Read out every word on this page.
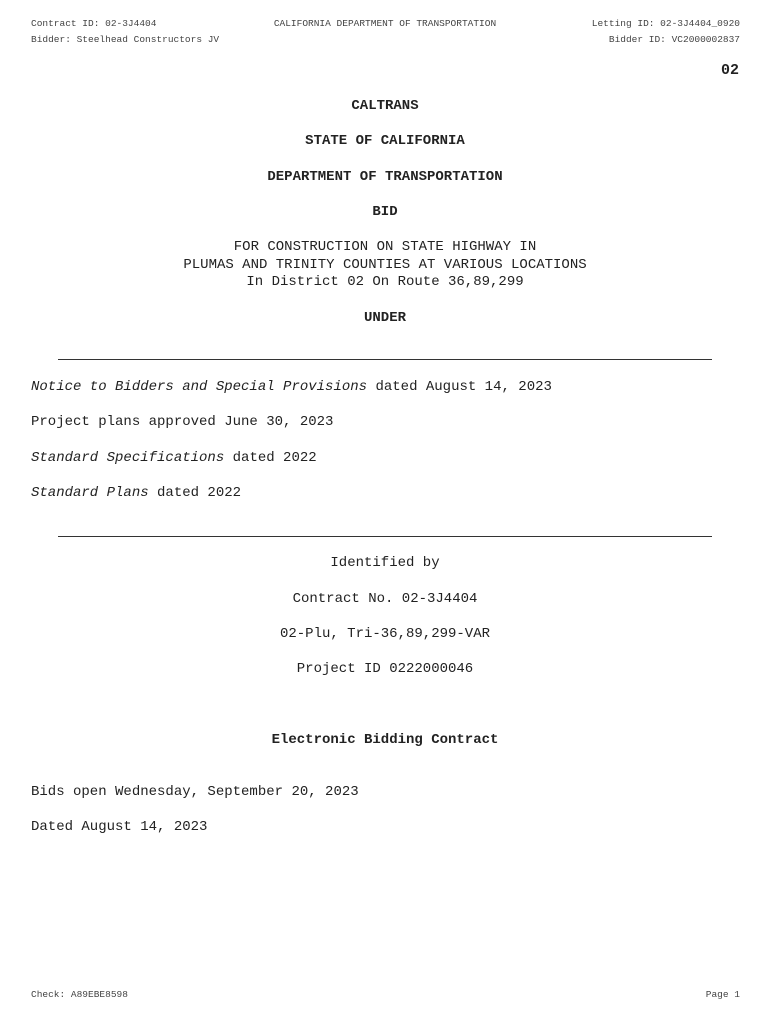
Contract ID: 02-3J4404	CALIFORNIA DEPARTMENT OF TRANSPORTATION	Letting ID: 02-3J4404_0920
Bidder: Steelhead Constructors JV	Bidder ID: VC2000002837
02
CALTRANS
STATE OF CALIFORNIA
DEPARTMENT OF TRANSPORTATION
BID
FOR CONSTRUCTION ON STATE HIGHWAY IN
PLUMAS AND TRINITY COUNTIES AT VARIOUS LOCATIONS
In District 02 On Route 36,89,299
UNDER
Notice to Bidders and Special Provisions dated August 14, 2023
Project plans approved June 30, 2023
Standard Specifications dated 2022
Standard Plans dated 2022
Identified by
Contract No. 02-3J4404
02-Plu, Tri-36,89,299-VAR
Project ID 0222000046
Electronic Bidding Contract
Bids open Wednesday, September 20, 2023
Dated August 14, 2023
Check: A89EBE8598	Page 1
